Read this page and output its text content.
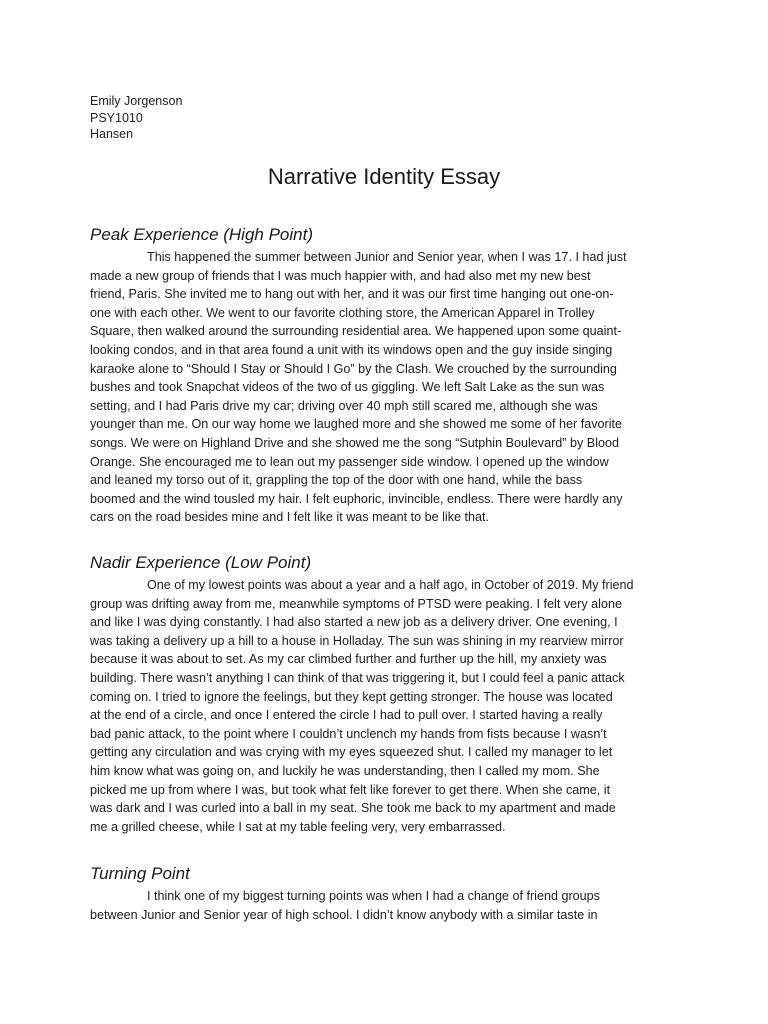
Emily Jorgenson
PSY1010
Hansen
Narrative Identity Essay
Peak Experience (High Point)
This happened the summer between Junior and Senior year, when I was 17. I had just
made a new group of friends that I was much happier with, and had also met my new best
friend, Paris. She invited me to hang out with her, and it was our first time hanging out one-on-
one with each other. We went to our favorite clothing store, the American Apparel in Trolley
Square, then walked around the surrounding residential area. We happened upon some quaint-
looking condos, and in that area found a unit with its windows open and the guy inside singing
karaoke alone to “Should I Stay or Should I Go” by the Clash. We crouched by the surrounding
bushes and took Snapchat videos of the two of us giggling. We left Salt Lake as the sun was
setting, and I had Paris drive my car; driving over 40 mph still scared me, although she was
younger than me. On our way home we laughed more and she showed me some of her favorite
songs. We were on Highland Drive and she showed me the song “Sutphin Boulevard” by Blood
Orange. She encouraged me to lean out my passenger side window. I opened up the window
and leaned my torso out of it, grappling the top of the door with one hand, while the bass
boomed and the wind tousled my hair. I felt euphoric, invincible, endless. There were hardly any
cars on the road besides mine and I felt like it was meant to be like that.
Nadir Experience (Low Point)
One of my lowest points was about a year and a half ago, in October of 2019. My friend
group was drifting away from me, meanwhile symptoms of PTSD were peaking. I felt very alone
and like I was dying constantly. I had also started a new job as a delivery driver. One evening, I
was taking a delivery up a hill to a house in Holladay. The sun was shining in my rearview mirror
because it was about to set. As my car climbed further and further up the hill, my anxiety was
building. There wasn’t anything I can think of that was triggering it, but I could feel a panic attack
coming on. I tried to ignore the feelings, but they kept getting stronger. The house was located
at the end of a circle, and once I entered the circle I had to pull over. I started having a really
bad panic attack, to the point where I couldn’t unclench my hands from fists because I wasn’t
getting any circulation and was crying with my eyes squeezed shut. I called my manager to let
him know what was going on, and luckily he was understanding, then I called my mom. She
picked me up from where I was, but took what felt like forever to get there. When she came, it
was dark and I was curled into a ball in my seat. She took me back to my apartment and made
me a grilled cheese, while I sat at my table feeling very, very embarrassed.
Turning Point
I think one of my biggest turning points was when I had a change of friend groups
between Junior and Senior year of high school. I didn’t know anybody with a similar taste in
